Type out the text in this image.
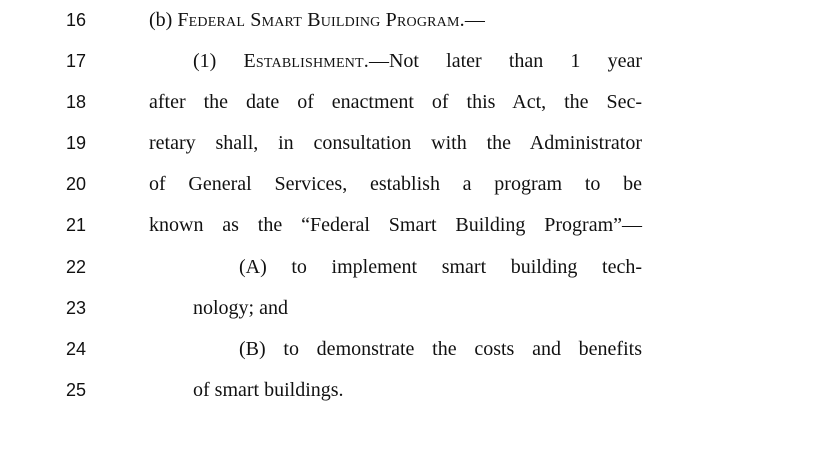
16	(b) Federal Smart Building Program.—
17	(1) Establishment.—Not later than 1 year
18	after the date of enactment of this Act, the Sec-
19	retary shall, in consultation with the Administrator
20	of General Services, establish a program to be
21	known as the “Federal Smart Building Program”—
22	(A) to implement smart building tech-
23	nology; and
24	(B) to demonstrate the costs and benefits
25	of smart buildings.
